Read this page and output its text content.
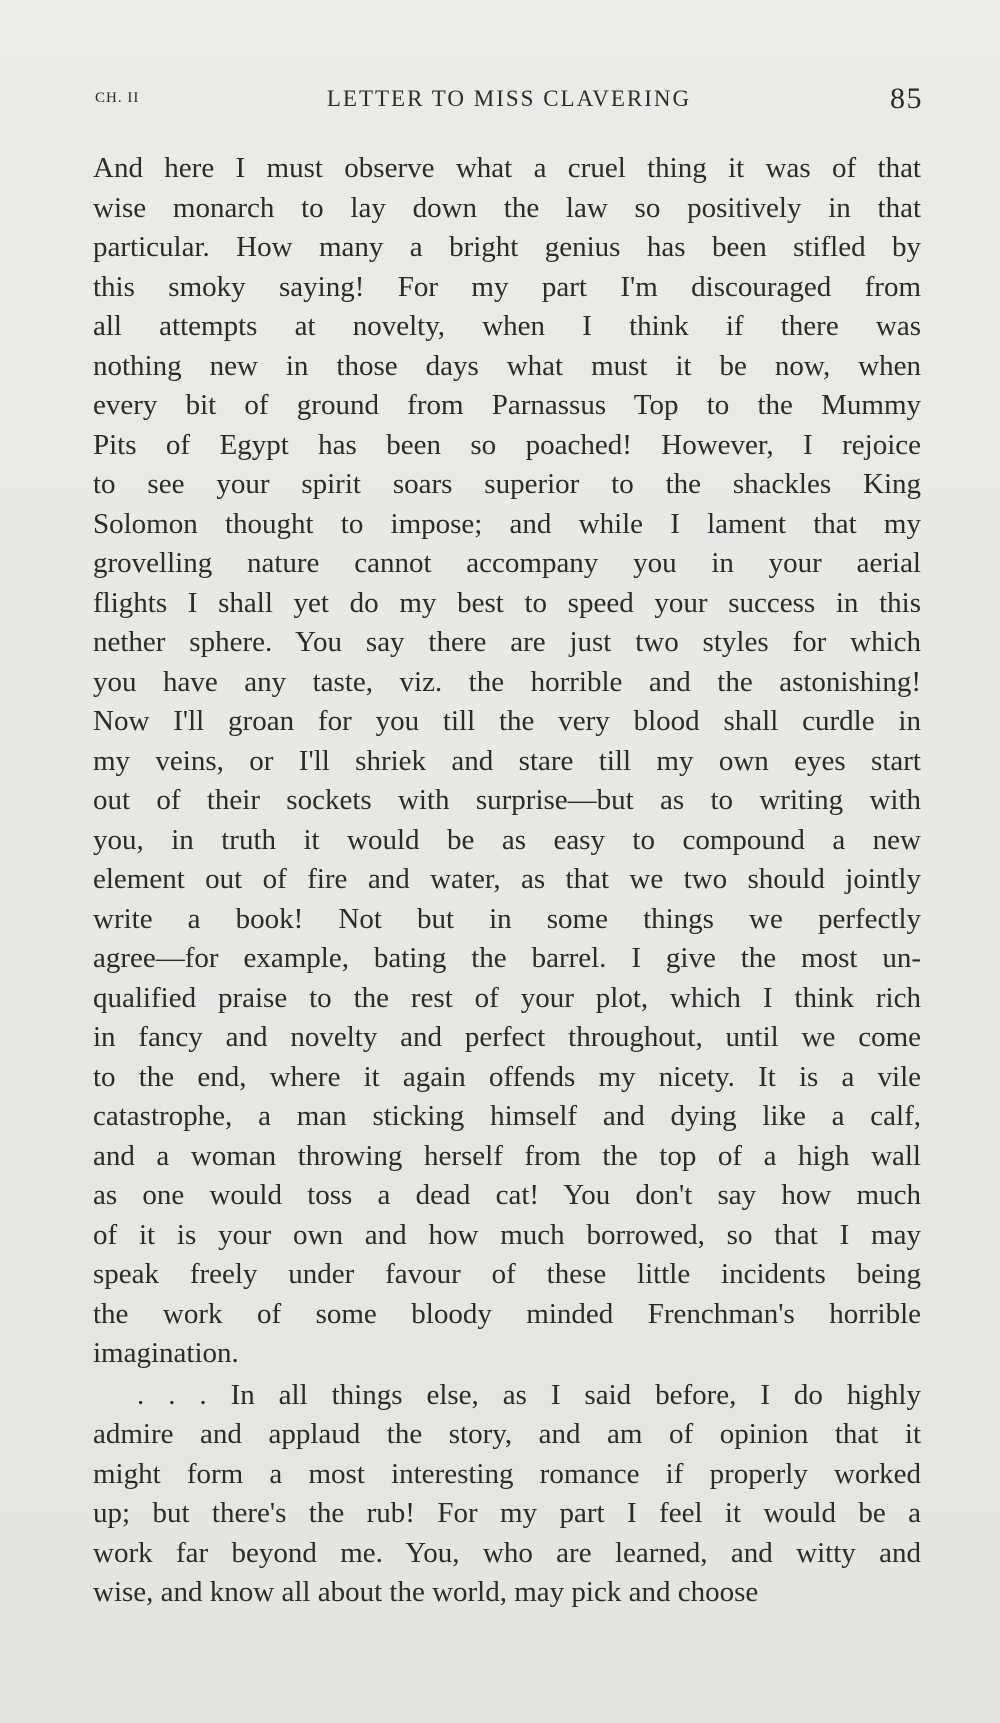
CH. II	LETTER TO MISS CLAVERING	85
And here I must observe what a cruel thing it was of that
wise monarch to lay down the law so positively in that
particular. How many a bright genius has been stifled by
this smoky saying! For my part I'm discouraged from
all attempts at novelty, when I think if there was
nothing new in those days what must it be now, when
every bit of ground from Parnassus Top to the Mummy
Pits of Egypt has been so poached! However, I rejoice
to see your spirit soars superior to the shackles King
Solomon thought to impose; and while I lament that my
grovelling nature cannot accompany you in your aerial
flights I shall yet do my best to speed your success in this
nether sphere. You say there are just two styles for which
you have any taste, viz. the horrible and the astonishing!
Now I'll groan for you till the very blood shall curdle in
my veins, or I'll shriek and stare till my own eyes start
out of their sockets with surprise—but as to writing with
you, in truth it would be as easy to compound a new
element out of fire and water, as that we two should jointly
write a book! Not but in some things we perfectly
agree—for example, bating the barrel. I give the most un-
qualified praise to the rest of your plot, which I think rich
in fancy and novelty and perfect throughout, until we come
to the end, where it again offends my nicety. It is a vile
catastrophe, a man sticking himself and dying like a calf,
and a woman throwing herself from the top of a high wall
as one would toss a dead cat! You don't say how much
of it is your own and how much borrowed, so that I may
speak freely under favour of these little incidents being
the work of some bloody minded Frenchman's horrible
imagination.
. . . In all things else, as I said before, I do highly
admire and applaud the story, and am of opinion that it
might form a most interesting romance if properly worked
up; but there's the rub! For my part I feel it would be a
work far beyond me. You, who are learned, and witty and
wise, and know all about the world, may pick and choose
